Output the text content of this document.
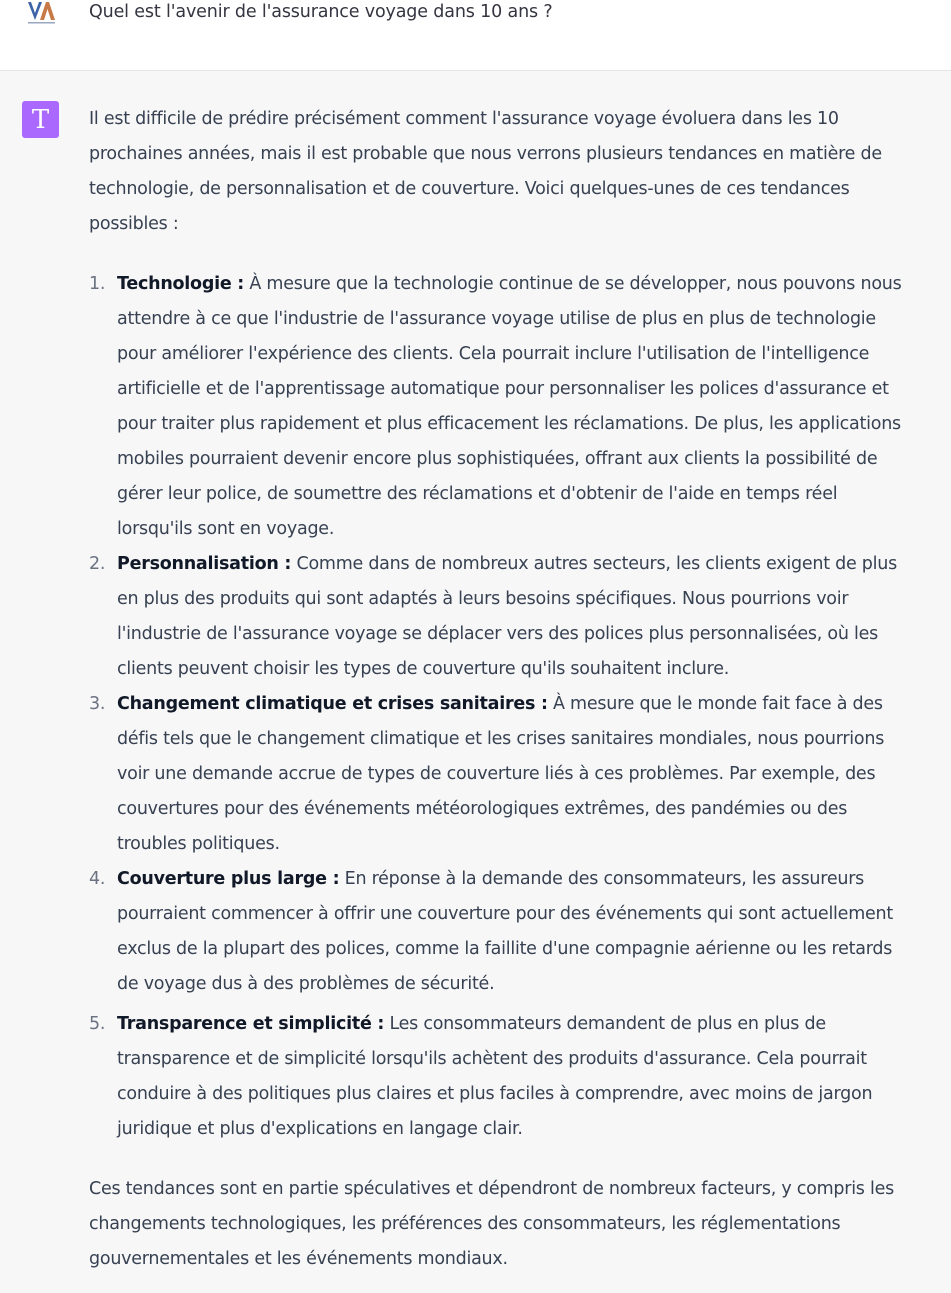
Quel est l'avenir de l'assurance voyage dans 10 ans ?
T Il est difficile de prédire précisément comment l'assurance voyage évoluera dans les 10 prochaines années, mais il est probable que nous verrons plusieurs tendances en matière de technologie, de personnalisation et de couverture. Voici quelques-unes de ces tendances possibles :

1. Technologie : À mesure que la technologie continue de se développer, nous pouvons nous attendre à ce que l'industrie de l'assurance voyage utilise de plus en plus de technologie pour améliorer l'expérience des clients. Cela pourrait inclure l'utilisation de l'intelligence artificielle et de l'apprentissage automatique pour personnaliser les polices d'assurance et pour traiter plus rapidement et plus efficacement les réclamations. De plus, les applications mobiles pourraient devenir encore plus sophistiquées, offrant aux clients la possibilité de gérer leur police, de soumettre des réclamations et d'obtenir de l'aide en temps réel lorsqu'ils sont en voyage.
2. Personnalisation : Comme dans de nombreux autres secteurs, les clients exigent de plus en plus des produits qui sont adaptés à leurs besoins spécifiques. Nous pourrions voir l'industrie de l'assurance voyage se déplacer vers des polices plus personnalisées, où les clients peuvent choisir les types de couverture qu'ils souhaitent inclure.
3. Changement climatique et crises sanitaires : À mesure que le monde fait face à des défis tels que le changement climatique et les crises sanitaires mondiales, nous pourrions voir une demande accrue de types de couverture liés à ces problèmes. Par exemple, des couvertures pour des événements météorologiques extrêmes, des pandémies ou des troubles politiques.
4. Couverture plus large : En réponse à la demande des consommateurs, les assureurs pourraient commencer à offrir une couverture pour des événements qui sont actuellement exclus de la plupart des polices, comme la faillite d'une compagnie aérienne ou les retards de voyage dus à des problèmes de sécurité.
5. Transparence et simplicité : Les consommateurs demandent de plus en plus de transparence et de simplicité lorsqu'ils achètent des produits d'assurance. Cela pourrait conduire à des politiques plus claires et plus faciles à comprendre, avec moins de jargon juridique et plus d'explications en langage clair.

Ces tendances sont en partie spéculatives et dépendront de nombreux facteurs, y compris les changements technologiques, les préférences des consommateurs, les réglementations gouvernementales et les événements mondiaux.
